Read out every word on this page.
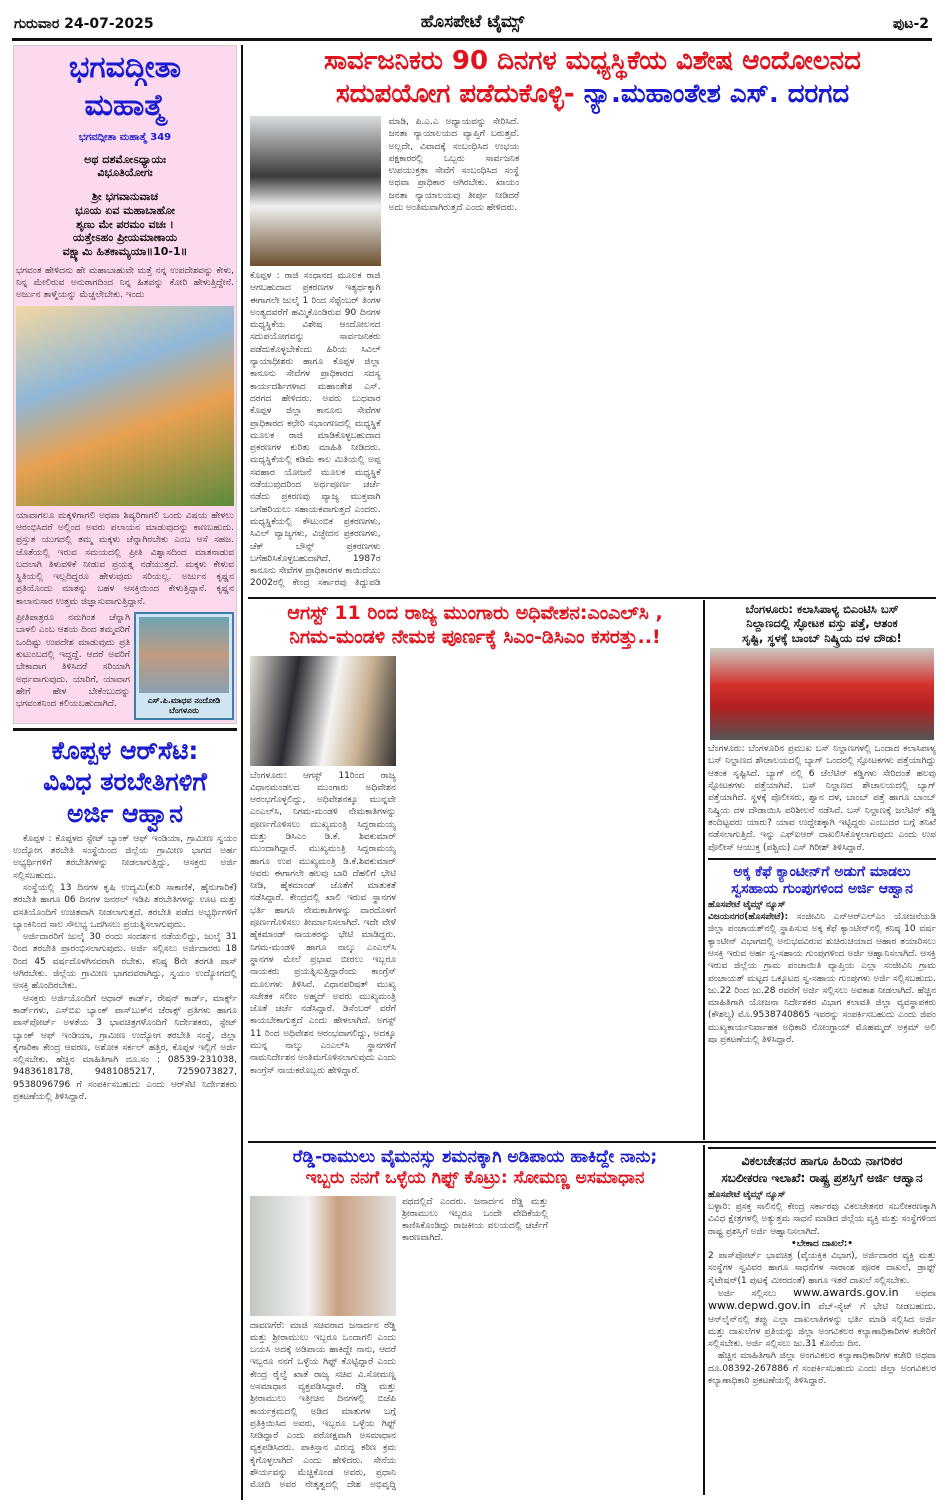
ಗುರುವಾರ 24-07-2025	ಹೊಸಪೇಟೆ ಟೈಮ್ಸ್	ಪುಟ-2
ಭಗವದ್ಗೀತಾ
ಮಹಾತ್ಮೆ
ಭಗವದ್ಗೀತಾ ಮಹಾತ್ಮೆ 349
ಅಥ ದಶಮೋಽಧ್ಯಾಯಃ
ವಿಭೂತಿಯೋಗಃ
ಶ್ರೀ ಭಗವಾನುವಾಚ
ಭೂಯ ಏವ ಮಹಾಬಾಹೋ
ಶೃಣು ಮೇ ಪರಮಂ ವಚಃ ।
ಯತ್ತೇಽಹಂ ಪ್ರೀಯಮಾಣಾಯ
ವಕ್ಷ್ಯಾಮಿ ಹಿತಕಾಮ್ಯಯಾ॥10-1॥
ಭಗವಂತ ಹೇಳಿದನು ಹೇ ಮಹಾಬಾಹುವೇ ಮತ್ತೆ ನನ್ನ ಉಪದೇಶವನ್ನು ಕೇಳು, ನಿನ್ನ ಮೇಲಿರುವ ಅನುರಾಗದಿಂದ ನಿನ್ನ ಹಿತವನ್ನು ಕೋರಿ ಹೇಳುತ್ತಿದ್ದೇನೆ. ಅರ್ಜುನ ತಾಳ್ಮೆಯನ್ನು ಮೆಚ್ಚಲೇಬೇಕು. ಇಂದು
ಯಾವಾಗಲೂ ಮಕ್ಕಳಿಗಾಗಲಿ ಅಥವಾ ಶಿಷ್ಯರಿಗಾಗಲಿ ಒಂದು ವಿಷಯ ಹೇಳಲು ಆರಂಭಿಸಿದರೆ ಅಲ್ಲಿಂದ ಅವರು ಪಲಾಯನ ಮಾಡುವುದನ್ನು ಕಾಣಬಹುದು. ಪ್ರಸ್ತುತ ಯುಗದಲ್ಲಿ ತಮ್ಮ ಮಕ್ಕಳು ಚೆನ್ನಾಗಿರಬೇಕು ಎಂಬ ಆಸೆ ಸಹಜ. ಜೊತೆಯಲ್ಲಿ ಇರುವ ಸಮಯದಲ್ಲಿ ಪ್ರೀತಿ ವಿಶ್ವಾಸದಿಂದ ಮಾತನಾಡುವ ಬದಲಾಗಿ ತಿಳುವಳಿಕೆ ನೀಡುವ ಪ್ರಯತ್ನ ನಡೆಯುತ್ತದೆ. ಮಕ್ಕಳು ಕೇಳುವ ಸ್ಥಿತಿಯಲ್ಲಿ ಇಲ್ಲದಿದ್ದರೂ ಹೇಳುವುದು ಸರಿಯಲ್ಲ. ಅರ್ಜುನ ಕೃಷ್ಣನ ಪ್ರತಿಯೊಂದು ಮಾತನ್ನು ಬಹಳ ಆಸಕ್ತಿಯಿಂದ ಕೇಳುತ್ತಿದ್ದಾನೆ. ಕೃಷ್ಣನ ಕಾಲಾನುಸಾರ ಉತ್ತಮ ಜಿಜ್ಞಾಸುವಾಗುತ್ತಿದ್ದಾನೆ.
ಪ್ರೀತಿಪಾತ್ರರೂ ನಮಗಿಂತ ಚೆನ್ನಾಗಿ ಬಾಳಲಿ ಎಂಬ ಆಶಯ ದಿಂದ ತಮ್ಮವರಿಗೆ ಒಂದಿಷ್ಟು ಉಪದೇಶ ಮಾಡುವುದು ಪ್ರತಿ ಕುಟುಂಬದಲ್ಲಿ ಇದ್ದದ್ದೆ. ಆದರೆ ಅವರಿಗೆ ಬೇಕಾದಾಗ ತಿಳಿಸಿದರೆ ಸರಿಯಾಗಿ ಅರ್ಥವಾಗುವುದು. ಯಾರಿಗೆ, ಯಾವಾಗ ಹೇಗೆ ಹೇಳ ಬೇಕೆಂಬುದನ್ನು ಭಗವಂತನಿಂದ ಕಲಿಯಬಹುದಾಗಿದೆ.	ಎಸ್.ಪಿ.ಮಾಧವ ನಂದೋಡಿ
ಬೆಂಗಳೂರು
ಕೊಪ್ಪಳ ಆರ್‌ಸೆಟಿ:
ವಿವಿಧ ತರಬೇತಿಗಳಿಗೆ
ಅರ್ಜಿ ಆಹ್ವಾನ

ಕೊಪ್ಪಳ : ಕೊಪ್ಪಳದ ಸ್ಟೇಟ್ ಬ್ಯಾಂಕ್ ಆಫ್ ಇಂಡಿಯಾ, ಗ್ರಾಮೀಣ ಸ್ವಯಂ ಉದ್ಯೋಗ ತರಬೇತಿ ಸಂಸ್ಥೆಯಿಂದ ಜಿಲ್ಲೆಯ ಗ್ರಾಮೀಣ ಭಾಗದ ಅರ್ಹ ಅಭ್ಯರ್ಥಿಗಳಿಗೆ ತರಬೇತಿಗಳನ್ನು ನೀಡಲಾಗುತ್ತಿದ್ದು, ಆಸಕ್ತರು ಅರ್ಜಿ ಸಲ್ಲಿಸಬಹುದು.

ಸಂಸ್ಥೆಯಲ್ಲಿ 13 ದಿನಗಳ ಕೃಷಿ ಉದ್ಯಮಿ(ಕುರಿ ಸಾಕಾಣಿಕೆ, ಹೈನುಗಾರಿಕೆ) ತರಬೇತಿ ಹಾಗೂ 06 ದಿನಗಳ ಜನರಲ್ ಇಡಿಪಿ ತರಬೇತಿಗಳನ್ನು ಊಟ ಮತ್ತು ವಸತಿಯೊಂದಿಗೆ ಉಚಿತವಾಗಿ ನೀಡಲಾಗುತ್ತದೆ. ತರಬೇತಿ ಪಡೆದ ಅಭ್ಯರ್ಥಿಗಳಿಗೆ ಬ್ಯಾಂಕಿನಿಂದ ಸಾಲ ಸೌಲಭ್ಯ ಒದಗಿಸಲು ಪ್ರಯತ್ನಿಸಲಾಗುವುದು.

ಅರ್ಜಿದಾರರಿಗೆ ಜುಲೈ 30 ರಂದು ಸಂದರ್ಶನ ನಡೆಯಲಿದ್ದು, ಜುಲೈ 31 ರಿಂದ ತರಬೇತಿ ಪ್ರಾರಂಭಿಸಲಾಗುವುದು. ಅರ್ಜಿ ಸಲ್ಲಿಸಲು ಅರ್ಜಿದಾರರು 18 ರಿಂದ 45 ವರ್ಷದೊಳಗಿನವರಾಗಿ ರಬೇಕು. ಕನಿಷ್ಠ 8ನೇ ತರಗತಿ ಪಾಸ್ ಆಗಿರಬೇಕು. ಜಿಲ್ಲೆಯ ಗ್ರಾಮೀಣ ಭಾಗದವರಾಗಿದ್ದು, ಸ್ವಯಂ ಉದ್ಯೋಗದಲ್ಲಿ ಆಸಕ್ತಿ ಹೊಂದಿರಬೇಕು.

ಆಸಕ್ತರು ಅರ್ಜಿಯೊಂದಿಗೆ ಆಧಾರ್ ಕಾರ್ಡ್, ರೇಷನ್ ಕಾರ್ಡ್, ಮಾರ್ಕ್ಸ್ ಕಾರ್ಡ್‌ಗಳು, ಎಸ್‌ಬಿಐ ಬ್ಯಾಂಕ್ ಪಾಸ್‌ಬುಕ್‌ನ ಜೆರಾಕ್ಸ್ ಪ್ರತಿಗಳು ಹಾಗೂ ಪಾಸ್‌ಪೋರ್ಟ್ ಅಳತೆಯ 3 ಭಾವಚಿತ್ರಗಳೊಂದಿಗೆ ನಿರ್ದೇಶಕರು, ಸ್ಟೇಟ್ ಬ್ಯಾಂಕ್ ಆಫ್ ಇಂಡಿಯಾ, ಗ್ರಾಮೀಣ ಉದ್ಯೋಗ ತರಬೇತಿ ಸಂಸ್ಥೆ, ಜಿಲ್ಲಾ ಕೈಗಾರಿಕಾ ಕೇಂದ್ರ ಆವರಣ, ಅಶೋಕ ಸರ್ಕಲ್ ಹತ್ತಿರ, ಕೊಪ್ಪಳ ಇಲ್ಲಿಗೆ ಅರ್ಜಿ ಸಲ್ಲಿಸಬೇಕು. ಹೆಚ್ಚಿನ ಮಾಹಿತಿಗಾಗಿ ದೂ.ಸಂ : 08539-231038, 9483618178, 9481085217, 7259073827, 9538096796 ಗೆ ಸಂಪರ್ಕಿಸಬಹುದು ಎಂದು ಆರ್‌ಸೆಟಿ ನಿರ್ದೇಶಕರು ಪ್ರಕಟಣೆಯಲ್ಲಿ ತಿಳಿಸಿದ್ದಾರೆ.

ಸಾರ್ವಜನಿಕರು 90 ದಿನಗಳ ಮಧ್ಯಸ್ಥಿಕೆಯ ವಿಶೇಷ ಆಂದೋಲನದ
ಸದುಪಯೋಗ ಪಡೆದುಕೊಳ್ಳಿ- ನ್ಯಾ.ಮಹಾಂತೇಶ ಎಸ್. ದರಗದ
ಕೊಪ್ಪಳ : ರಾಜಿ ಸಂಧಾನದ ಮೂಲಕ ರಾಜಿ ಆಗಬಹುದಾದ ಪ್ರಕರಣಗಳ ಇತ್ಯರ್ಥಕ್ಕಾಗಿ ಈಗಾಗಲೇ ಜುಲೈ 1 ರಿಂದ ಸೆಪ್ಟೆಂಬರ್ ತಿಂಗಳ ಅಂತ್ಯದವರೆಗೆ ಹಮ್ಮಿಕೊಂಡಿರುವ 90 ದಿನಗಳ ಮಧ್ಯಸ್ಥಿಕೆಯ ವಿಶೇಷ ಆಂದೋಲನದ ಸದುಪಯೋಗವನ್ನು ಸಾರ್ವಜನಿಕರು ಪಡೆದುಕೊಳ್ಳಬೇಕೆಂದು ಹಿರಿಯ ಸಿವಿಲ್ ನ್ಯಾಯಾಧೀಶರು ಹಾಗೂ ಕೊಪ್ಪಳ ಜಿಲ್ಲಾ ಕಾನೂನು ಸೇವೆಗಳ ಪ್ರಾಧಿಕಾರದ ಸದಸ್ಯ ಕಾರ್ಯದರ್ಶಿಗಳಾದ ಮಹಾಂತೇಶ ಎಸ್. ದರಗದ ಹೇಳಿದರು. ಅವರು ಬುಧವಾರ ಕೊಪ್ಪಳ ಜಿಲ್ಲಾ ಕಾನೂನು ಸೇವೆಗಳ ಪ್ರಾಧಿಕಾರದ ಕಛೇರಿ ಸಭಾಂಗಣದಲ್ಲಿ ಮಧ್ಯಸ್ಥಿಕೆ ಮೂಲಕ ರಾಜಿ ಮಾಡಿಕೊಳ್ಳಬಹುದಾದ ಪ್ರಕರಣಗಳ ಕುರಿತು ಮಾಹಿತಿ ನೀಡಿದರು. ಮಧ್ಯಸ್ಥಿಕೆಯಲ್ಲಿ ಕಡಿಮೆ ಕಾಲ ಮಿತಿಯಲ್ಲಿ ಅಪ್ಪ ಸವಹಾರ ಯೋಜನೆ ಮೂಲಕ ಮಧ್ಯಸ್ಥಿಕೆ ನಡೆಯುವುದರಿಂದ ಅರ್ಥಪೂರ್ಣ ಚರ್ಚೆ ನಡೆದು ಪ್ರಕರಣವು ವ್ಯಾಜ್ಯ ಮುಕ್ತವಾಗಿ ಬಗೆಹರಿಯಲು ಸಹಾಯಕವಾಗುತ್ತದೆ ಎಂದರು. ಮಧ್ಯಸ್ಥಿಕೆಯಲ್ಲಿ ಕೌಟುಂಬಿಕ ಪ್ರಕರಣಗಳು, ಸಿವಿಲ್ ವ್ಯಾಜ್ಯಗಳು, ವಿಚ್ಛೇದನ ಪ್ರಕರಣಗಳು, ಚೆಕ್ ಬೌನ್ಸ್ ಪ್ರಕರಣಗಳು ಬಗೆಹರಿಸಿಕೊಳ್ಳಬಹುದಾಗಿದೆ. 1987ರ ಕಾನೂನು ಸೇವೆಗಳ ಪ್ರಾಧಿಕಾರಗಳ ಕಾಯಿದೆಯು 2002ರಲ್ಲಿ ಕೇಂದ್ರ ಸರ್ಕಾರವು ತಿದ್ದುಪಡಿ ಮಾಡಿ, ಪಿ.ಎ.ಎ ಅಧ್ಯಾಯವನ್ನು ಸೇರಿಸಿದೆ. ಜನತಾ ನ್ಯಾಯಾಲಯದ ವ್ಯಾಪ್ತಿಗೆ ಬರುತ್ತವೆ. ಅಲ್ಲದೇ, ವಿವಾದಕ್ಕೆ ಸಂಬಂಧಿಸಿದ ಉಭಯ ಪಕ್ಷಕಾರರಲ್ಲಿ ಒಬ್ಬರು ಸಾರ್ವಜನಿಕ ಉಪಯುಕ್ತತಾ ಸೇವೆಗೆ ಸಂಬಂಧಿಸಿದ ಸಂಸ್ಥೆ ಅಥವಾ ಪ್ರಾಧಿಕಾರ ಆಗಿರಬೇಕು. ಖಾಯಂ ಜನತಾ ನ್ಯಾಯಾಲಯವು ತೀರ್ಪು ನೀಡಿದರೆ ಅದು ಅಂತಿಮವಾಗಿರುತ್ತದೆ ಎಂದು ಹೇಳಿದರು.
ಆಗಸ್ಟ್ 11 ರಿಂದ ರಾಜ್ಯ ಮುಂಗಾರು ಅಧಿವೇಶನ:ಎಂಎಲ್‌ಸಿ ,
ನಿಗಮ-ಮಂಡಳಿ ನೇಮಕ ಪೂರ್ಣಕ್ಕೆ ಸಿಎಂ-ಡಿಸಿಎಂ ಕಸರತ್ತು..!
ಬೆಂಗಳೂರು: ಆಗಸ್ಟ್ 11ರಿಂದ ರಾಜ್ಯ ವಿಧಾನಮಂಡಲದ ಮುಂಗಾರು ಅಧಿವೇಶನ ಆರಂಭಗೊಳ್ಳಲಿದ್ದು, ಅಧಿವೇಶನಕ್ಕೂ ಮುನ್ನವೇ ಎಂಎಲ್‌ಸಿ, ನಿಗಮ-ಮಂಡಳಿ ನೇಮಕಾತಿಗಳನ್ನು ಪೂರ್ಣಗೊಳಿಸಲು ಮುಖ್ಯಮಂತ್ರಿ ಸಿದ್ದರಾಮಯ್ಯ ಮತ್ತು ಡಿಸಿಎಂ ಡಿ.ಕೆ. ಶಿವಕುಮಾರ್ ಮುಂದಾಗಿದ್ದಾರೆ. ಮುಖ್ಯಮಂತ್ರಿ ಸಿದ್ದರಾಮಯ್ಯ ಹಾಗೂ ಉಪ ಮುಖ್ಯಮಂತ್ರಿ ಡಿ.ಕೆ.ಶಿವಕುಮಾರ್ ಅವರು ಈಗಾಗಲೇ ಹಲವು ಬಾರಿ ದೆಹಲಿಗೆ ಭೇಟಿ ನೀಡಿ, ಹೈಕಮಾಂಡ್ ಜೊತೆಗೆ ಮಾತುಕತೆ ನಡೆಸಿದ್ದಾರೆ. ಕೇಂದ್ರದಲ್ಲಿ ಖಾಲಿ ಇರುವ ಸ್ಥಾನಗಳ ಭರ್ತಿ ಹಾಗೂ ನೇಮಕಾತಿಗಳನ್ನು ವಾರದೊಳಗೆ ಪೂರ್ಣಗೊಳಿಸಲು ತೀರ್ಮಾನಿಸಲಾಗಿದೆ. ಇದೇ ವೇಳೆ ಹೈಕಮಾಂಡ್ ನಾಯಕರನ್ನು ಭೇಟಿ ಮಾಡಿದ್ದರು. ನಿಗಮ-ಮಂಡಳಿ ಹಾಗೂ ನಾಲ್ಕು ಎಂಎಲ್‌ಸಿ ಸ್ಥಾನಗಳ ಮೇಲೆ ಪ್ರಭಾವ ಬೀರಲು ಇಬ್ಬರೂ ನಾಯಕರು ಪ್ರಯತ್ನಿಸುತ್ತಿದ್ದಾರೆಂದು ಕಾಂಗ್ರೆಸ್ ಮೂಲಗಳು ತಿಳಿಸಿವೆ. ವಿಧಾನಪರಿಷತ್ ಮುಖ್ಯ ಸಚೇತಕ ಸಲೀಂ ಅಹ್ಮದ್ ಅವರು ಮುಖ್ಯಮಂತ್ರಿ ಜೊತೆ ಚರ್ಚೆ ನಡೆಸಿದ್ದಾರೆ. ಡಿಸೆಂಬರ್ ವರೆಗೆ ಕಾಯಬೇಕಾಗುತ್ತದೆ ಎಂದು ಹೇಳಲಾಗಿದೆ. ಅಗಸ್ಟ್ 11 ರಿಂದ ಅಧಿವೇಶನ ಆರಂಭವಾಗಲಿದ್ದು, ಅದಕ್ಕೂ ಮುನ್ನ ನಾಲ್ಕು ಎಂಎಲ್‌ಸಿ ಸ್ಥಾನಗಳಿಗೆ ನಾಮನಿರ್ದೇಶನ ಅಂತಿಮಗೊಳಿಸಲಾಗುವುದು ಎಂದು ಕಾಂಗ್ರೆಸ್ ನಾಯಕರೊಬ್ಬರು ಹೇಳಿದ್ದಾರೆ.
ಬೆಂಗಳೂರು: ಕಲಾಸಿಪಾಳ್ಯ ಬಿಎಂಟಿಸಿ ಬಸ್
ನಿಲ್ದಾಣದಲ್ಲಿ ಸ್ಫೋಟಕ ವಸ್ತು ಪತ್ತೆ, ಆತಂಕ
ಸೃಷ್ಟಿ, ಸ್ಥಳಕ್ಕೆ ಬಾಂಬ್ ನಿಷ್ಕ್ರಿಯ ದಳ ದೌಡು!
ಬೆಂಗಳೂರು: ಬೆಂಗಳೂರಿನ ಪ್ರಮುಖ ಬಸ್ ನಿಲ್ದಾಣಗಳಲ್ಲಿ ಒಂದಾದ ಕಲಾಸಿಪಾಳ್ಯ ಬಸ್ ನಿಲ್ದಾಣದ ಶೌಚಾಲಯದಲ್ಲಿ ಬ್ಯಾಗ್ ಒಂದರಲ್ಲಿ ಸ್ಫೋಟಕಗಳು ಪತ್ತೆಯಾಗಿದ್ದು ಆತಂಕ ಸೃಷ್ಟಿಸಿದೆ. ಬ್ಯಾಗ್ ನಲ್ಲಿ 6 ಜೆಲೆಟಿನ್ ಕಡ್ಡಿಗಳು ಸೇರಿದಂತೆ ಹಲವು ಸ್ಫೋಟಕಗಳು ಪತ್ತೆಯಾಗಿವೆ. ಬಸ್ ನಿಲ್ದಾಣದ ಶೌಚಾಲಯದಲ್ಲಿ ಬ್ಯಾಗ್ ಪತ್ತೆಯಾಗಿದೆ. ಸ್ಥಳಕ್ಕೆ ಪೊಲೀಸರು, ಶ್ವಾನ ದಳ, ಬಾಂಬ್ ಪತ್ತೆ ಹಾಗೂ ಬಾಂಬ್ ನಿಷ್ಕ್ರಿಯ ದಳ ದೌಡಾಯಿಸಿ ಪರಿಶೀಲನೆ ನಡೆಸಿವೆ. ಬಸ್ ನಿಲ್ದಾಣಕ್ಕೆ ಜಲೆಟಿನ್ ಕಡ್ಡಿ ತಂದಿಟ್ಟವರು ಯಾರು? ಯಾವ ಉದ್ದೇಶಕ್ಕಾಗಿ ಇಟ್ಟಿದ್ದರು ಎಂಬುದರ ಬಗ್ಗೆ ತನಿಖೆ ನಡೆಸಲಾಗುತ್ತಿದೆ. ಇನ್ನು ಎಫ್‌ಐಆರ್ ದಾಖಲಿಸಿಕೊಳ್ಳಲಾಗುವುದು ಎಂದು ಉಪ ಪೊಲೀಸ್ ಆಯುಕ್ತ (ಪಶ್ಚಿಮ) ಎಸ್ ಗಿರೀಶ್ ತಿಳಿಸಿದ್ದಾರೆ.
ಅಕ್ಕ ಕೆಫೆ ಕ್ಯಾಂಟೀನ್‌ಗೆ ಅಡುಗೆ ಮಾಡಲು
ಸ್ವಸಹಾಯ ಗುಂಪುಗಳಿಂದ ಅರ್ಜಿ ಆಹ್ವಾನ
ಹೊಸಪೇಟೆ ಟೈಮ್ಸ್ ನ್ಯೂಸ್
ವಿಜಯನಗರ(ಹೊಸಪೇಟೆ): ಸಂಜೀವಿನಿ ಎನ್‌ಆರ್‌ಎಲ್‌ಎಂ ಯೋಜನೆಯಡಿ ಜಿಲ್ಲಾ ಪಂಚಾಯತ್‌ನಲ್ಲಿ ಸ್ಥಾಪಿಸುವ ಅಕ್ಕ ಕೆಫೆ ಕ್ಯಾಂಟೀನ್‌ನಲ್ಲಿ ಕನಿಷ್ಠ 10 ವರ್ಷ ಕ್ಯಾಂಟೀನ್ ವಿಭಾಗದಲ್ಲಿ ಅನುಭವವಿರುವ ಶುಚಿರುಚಿಯಾದ ಆಹಾರ ತಯಾರಿಸಲು ಆಸಕ್ತಿ ಇರುವ ಅರ್ಹ ಸ್ವ-ಸಹಾಯ ಗುಂಪುಗಳಿಂದ ಅರ್ಜಿ ಆಹ್ವಾನಿಸಲಾಗಿದೆ. ಆಸಕ್ತಿ ಇರುವ ಜಿಲ್ಲೆಯ ಗ್ರಾಮ ಪಂಚಾಯಿತಿ ವ್ಯಾಪ್ತಿಯ ಎಲ್ಲಾ ಸಂಜೀವಿನಿ ಗ್ರಾಮ ಪಂಚಾಯತ್ ಮಟ್ಟದ ಒಕ್ಕೂಟದ ಸ್ವ-ಸಹಾಯ ಗುಂಪುಗಳು ಅರ್ಜಿ ಸಲ್ಲಿಸಬಹುದು. ಜು.22 ರಿಂದ ಜು.28 ರವರೆಗೆ ಅರ್ಜಿ ಸಲ್ಲಿಸಲು ಅವಕಾಶ ನೀಡಲಾಗಿದೆ. ಹೆಚ್ಚಿನ ಮಾಹಿತಿಗಾಗಿ ಯೋಜನಾ ನಿರ್ದೇಶಕರ ವಿಭಾಗ ಕಲಾವತಿ ಜಿಲ್ಲಾ ವ್ಯವಸ್ಥಾಪಕರು (ಕೌಶಲ್ಯ) ಮೊ.9538740865 ಇವರನ್ನು ಸಂಪರ್ಕಿಸಬಹುದು ಎಂದು ಜಿಪಂ ಮುಖ್ಯಕಾರ್ಯನಿರ್ವಾಹಕ ಅಧಿಕಾರಿ ನೋಂಗ್ಜಾಯ್ ಮೊಹಮ್ಮದ್ ಅಕ್ರಮ್ ಅಲಿ ಷಾ ಪ್ರಕಟಣೆಯಲ್ಲಿ ತಿಳಿಸಿದ್ದಾರೆ.
ರೆಡ್ಡಿ-ರಾಮುಲು ವೈಮನಸ್ಸು ಶಮನಕ್ಕಾಗಿ ಅಡಿಪಾಯ ಹಾಕಿದ್ದೇ ನಾನು;
ಇಬ್ಬರು ನನಗೆ ಒಳ್ಳೆಯ ಗಿಫ್ಟ್ ಕೊಟ್ರು: ಸೋಮಣ್ಣ ಅಸಮಾಧಾನ
ದಾವಣಗೆರೆ: ಮಾಜಿ ಸಚಿವರಾದ ಜನಾರ್ದನ ರೆಡ್ಡಿ ಮತ್ತು ಶ್ರೀರಾಮುಲು ಇಬ್ಬರೂ ಒಂದಾಗಲಿ ಎಂದು ಬಯಸಿ ಅದಕ್ಕೆ ಅಡಿಪಾಯ ಹಾಕಿದ್ದೇ ನಾನು, ಆದರೆ ಇಬ್ಬರೂ ನನಗೆ ಒಳ್ಳೆಯ ಗಿಫ್ಟ್ ಕೊಟ್ಟಿದ್ದಾರೆ ಎಂದು ಕೇಂದ್ರ ರೈಲ್ವೆ ಖಾತೆ ರಾಜ್ಯ ಸಚಿವ ವಿ.ಸೋಮಣ್ಣ ಅಸಮಾಧಾನ ವ್ಯಕ್ತಪಡಿಸಿದ್ದಾರೆ. ರೆಡ್ಡಿ ಮತ್ತು ಶ್ರೀರಾಮುಲು ಇತ್ತೀಚಿನ ದಿನಗಳಲ್ಲಿ ಬಿಜೆಪಿ ಕಾರ್ಯಕ್ರಮದಲ್ಲಿ ಅಡಿದ ಮಾತುಗಳ ಬಗ್ಗೆ ಪ್ರತಿಕ್ರಿಯಿಸಿದ ಅವರು, ಇಬ್ಬರೂ ಒಳ್ಳೆಯ ಗಿಫ್ಟ್ ನೀಡಿದ್ದಾರೆ ಎಂದು ಪರೋಕ್ಷವಾಗಿ ಅಸಮಾಧಾನ ವ್ಯಕ್ತಪಡಿಸಿದರು. ಪಾಕಿಸ್ತಾನ ವಿರುದ್ಧ ಕಠಿಣ ಕ್ರಮ ಕೈಗೊಳ್ಳಲಾಗಿದೆ ಎಂದು ಹೇಳಿದರು. ಸೇನೆಯ ಶೌರ್ಯವನ್ನು ಮೆಚ್ಚಿಕೊಂಡ ಅವರು, ಪ್ರಧಾನಿ ಮೋದಿ ಅವರ ನೇತೃತ್ವದಲ್ಲಿ ದೇಶ ಅಭಿವೃದ್ಧಿ ಪಥದಲ್ಲಿದೆ ಎಂದರು. ಜನಾರ್ದನ ರೆಡ್ಡಿ ಮತ್ತು ಶ್ರೀರಾಮುಲು ಇಬ್ಬರೂ ಒಂದೇ ವೇದಿಕೆಯಲ್ಲಿ ಕಾಣಿಸಿಕೊಂಡಿದ್ದು ರಾಜಕೀಯ ವಲಯದಲ್ಲಿ ಚರ್ಚೆಗೆ ಕಾರಣವಾಗಿದೆ.
ವಿಕಲಚೇತನರ ಹಾಗೂ ಹಿರಿಯ ನಾಗರಿಕರ
ಸಬಲೀಕರಣ ಇಲಾಖೆ: ರಾಷ್ಟ್ರ ಪ್ರಶಸ್ತಿಗೆ ಅರ್ಜಿ ಆಹ್ವಾನ
ಹೊಸಪೇಟೆ ಟೈಮ್ಸ್ ನ್ಯೂಸ್
ಬಳ್ಳಾರಿ: ಪ್ರಸಕ್ತ ಸಾಲಿನಲ್ಲಿ ಕೇಂದ್ರ ಸರ್ಕಾರವು ವಿಕಲಚೇತನರ ಸಬಲೀಕರಣಕ್ಕಾಗಿ ವಿವಿಧ ಕ್ಷೇತ್ರಗಳಲ್ಲಿ ಅತ್ಯುತ್ತಮ ಸಾಧನೆ ಮಾಡಿದ ಜಿಲ್ಲೆಯ ವ್ಯಕ್ತಿ ಮತ್ತು ಸಂಸ್ಥೆಗಳಿಂದ ರಾಷ್ಟ್ರ ಪ್ರಶಸ್ತಿಗೆ ಅರ್ಜಿ ಆಹ್ವಾನಿಸಲಾಗಿದೆ.
•ಬೇಕಾದ ದಾಖಲೆ:•
2 ಪಾಸ್‌ಪೋರ್ಟ್ ಭಾವಚಿತ್ರ (ವೈಯಕ್ತಿಕ ವಿಭಾಗ), ಅರ್ಜಿದಾರರ ವ್ಯಕ್ತಿ ಮತ್ತು ಸಂಸ್ಥೆಗಳ ಸ್ವವಿವರ ಹಾಗೂ ಸಾಧನೆಗಳ ಸಾರಾಂಶ ಪೂರಕ ದಾಖಲೆ, ಡ್ರಾಫ್ಟ್ ಸೈಟೇಷನ್(1 ಪುಟಕ್ಕೆ ಮೀರದಂತೆ) ಹಾಗೂ ಇತರೆ ದಾಖಲೆ ಸಲ್ಲಿಸಬೇಕು.

ಅರ್ಜಿ ಸಲ್ಲಿಸಲು www.awards.gov.in ಅಥವಾ www.depwd.gov.in ವೆಬ್-ಸೈಟ್ ಗೆ ಭೇಟಿ ನೀಡಬಹುದು. ಆನ್‌ಲೈನ್‌ನಲ್ಲಿ ತಪ್ಪು ಎಲ್ಲಾ ದಾಖಲಾತಿಗಳನ್ನು ಭರ್ತಿ ಮಾಡಿ ಸಲ್ಲಿಸಿದ ಅರ್ಜಿ ಮತ್ತು ದಾಖಲೆಗಳ ಪ್ರತಿಯನ್ನು ಜಿಲ್ಲಾ ಅಂಗವಿಕಲರ ಕಲ್ಯಾಣಾಧಿಕಾರಿಗಳ ಕಚೇರಿಗೆ ಸಲ್ಲಿಸಬೇಕು. ಅರ್ಜಿ ಸಲ್ಲಿಸಲು ಜು.31 ಕೊನೆಯ ದಿನ.

ಹೆಚ್ಚಿನ ಮಾಹಿತಿಗಾಗಿ ಜಿಲ್ಲಾ ಅಂಗವಿಕಲರ ಕಲ್ಯಾಣಾಧಿಕಾರಿಗಳ ಕಚೇರಿ ಅಥವಾ ದೂ.08392-267886 ಗೆ ಸಂಪರ್ಕಿಸಬಹುದು ಎಂದು ಜಿಲ್ಲಾ ಅಂಗವಿಕಲರ ಕಲ್ಯಾಣಾಧಿಕಾರಿ ಪ್ರಕಟಣೆಯಲ್ಲಿ ತಿಳಿಸಿದ್ದಾರೆ.
